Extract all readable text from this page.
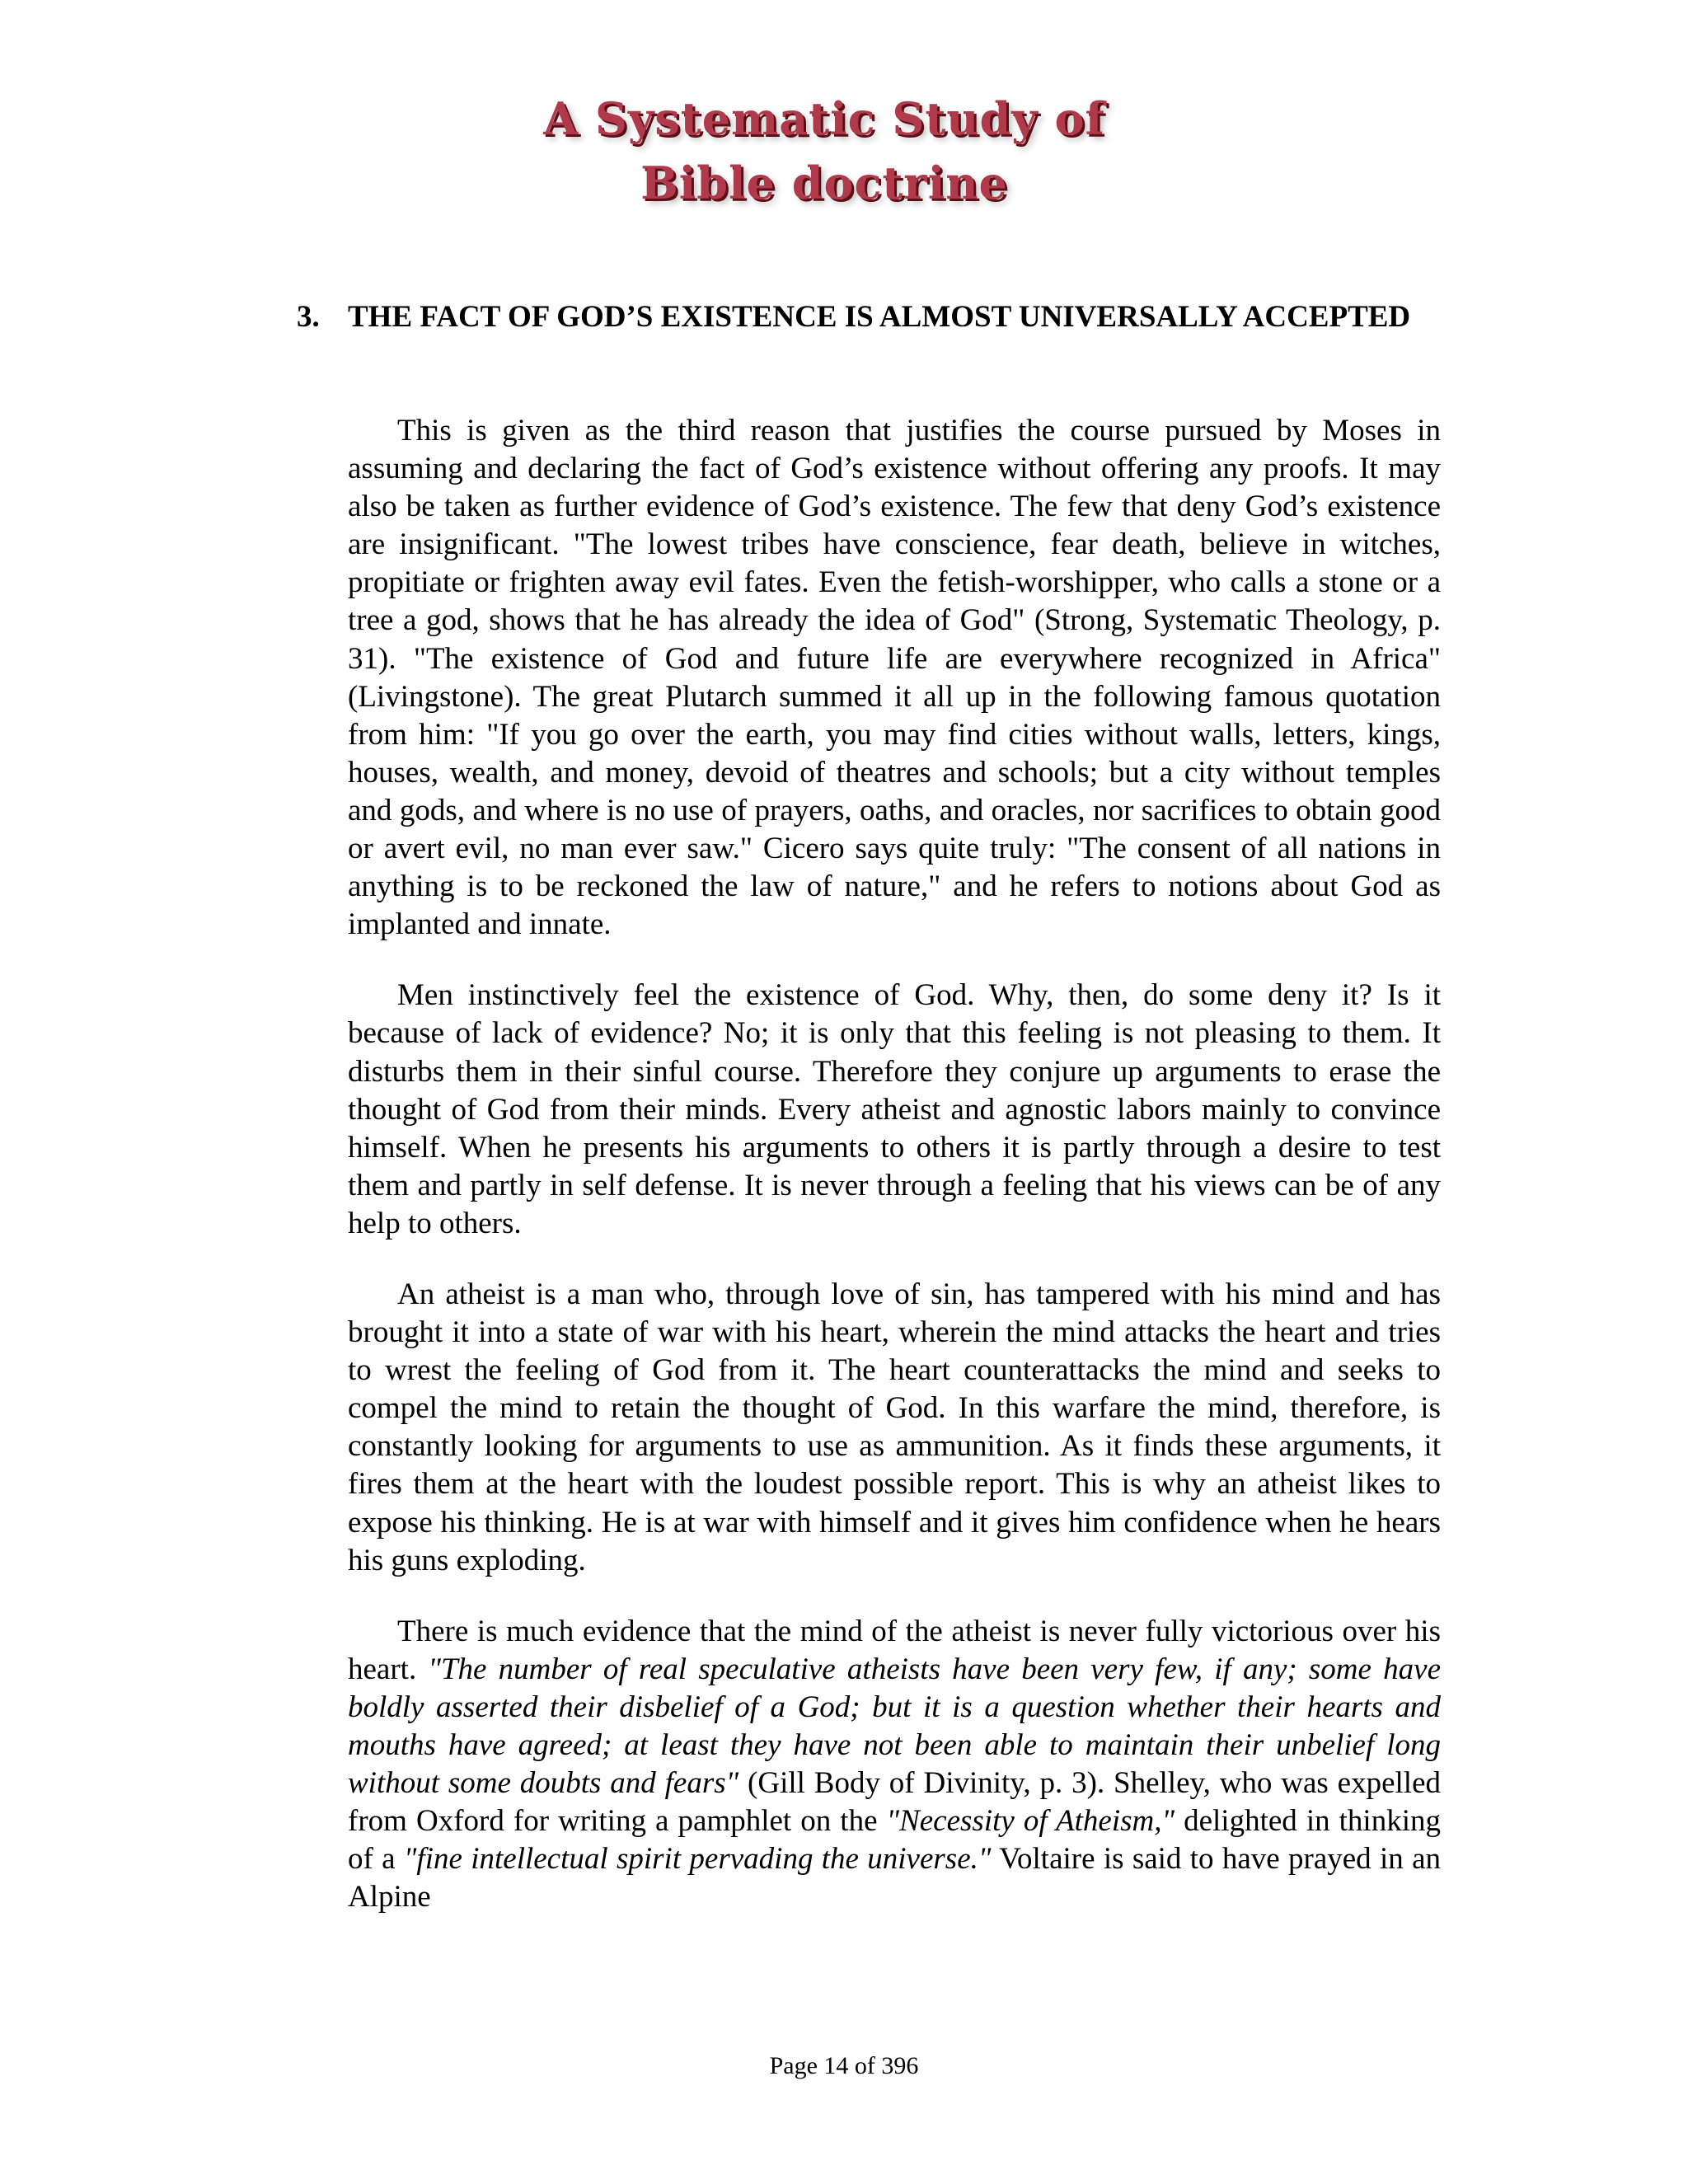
A Systematic Study of
Bible doctrine
3. THE FACT OF GOD’S EXISTENCE IS ALMOST UNIVERSALLY ACCEPTED

This is given as the third reason that justifies the course pursued by Moses in assuming and declaring the fact of God’s existence without offering any proofs. It may also be taken as further evidence of God’s existence. The few that deny God’s existence are insignificant. "The lowest tribes have conscience, fear death, believe in witches, propitiate or frighten away evil fates. Even the fetish-worshipper, who calls a stone or a tree a god, shows that he has already the idea of God" (Strong, Systematic Theology, p. 31). "The existence of God and future life are everywhere recognized in Africa" (Livingstone). The great Plutarch summed it all up in the following famous quotation from him: "If you go over the earth, you may find cities without walls, letters, kings, houses, wealth, and money, devoid of theatres and schools; but a city without temples and gods, and where is no use of prayers, oaths, and oracles, nor sacrifices to obtain good or avert evil, no man ever saw." Cicero says quite truly: "The consent of all nations in anything is to be reckoned the law of nature," and he refers to notions about God as implanted and innate.

Men instinctively feel the existence of God. Why, then, do some deny it? Is it because of lack of evidence? No; it is only that this feeling is not pleasing to them. It disturbs them in their sinful course. Therefore they conjure up arguments to erase the thought of God from their minds. Every atheist and agnostic labors mainly to convince himself. When he presents his arguments to others it is partly through a desire to test them and partly in self defense. It is never through a feeling that his views can be of any help to others.

An atheist is a man who, through love of sin, has tampered with his mind and has brought it into a state of war with his heart, wherein the mind attacks the heart and tries to wrest the feeling of God from it. The heart counterattacks the mind and seeks to compel the mind to retain the thought of God. In this warfare the mind, therefore, is constantly looking for arguments to use as ammunition. As it finds these arguments, it fires them at the heart with the loudest possible report. This is why an atheist likes to expose his thinking. He is at war with himself and it gives him confidence when he hears his guns exploding.

There is much evidence that the mind of the atheist is never fully victorious over his heart. "The number of real speculative atheists have been very few, if any; some have boldly asserted their disbelief of a God; but it is a question whether their hearts and mouths have agreed; at least they have not been able to maintain their unbelief long without some doubts and fears" (Gill Body of Divinity, p. 3). Shelley, who was expelled from Oxford for writing a pamphlet on the "Necessity of Atheism," delighted in thinking of a "fine intellectual spirit pervading the universe." Voltaire is said to have prayed in an Alpine

Page 14 of 396
